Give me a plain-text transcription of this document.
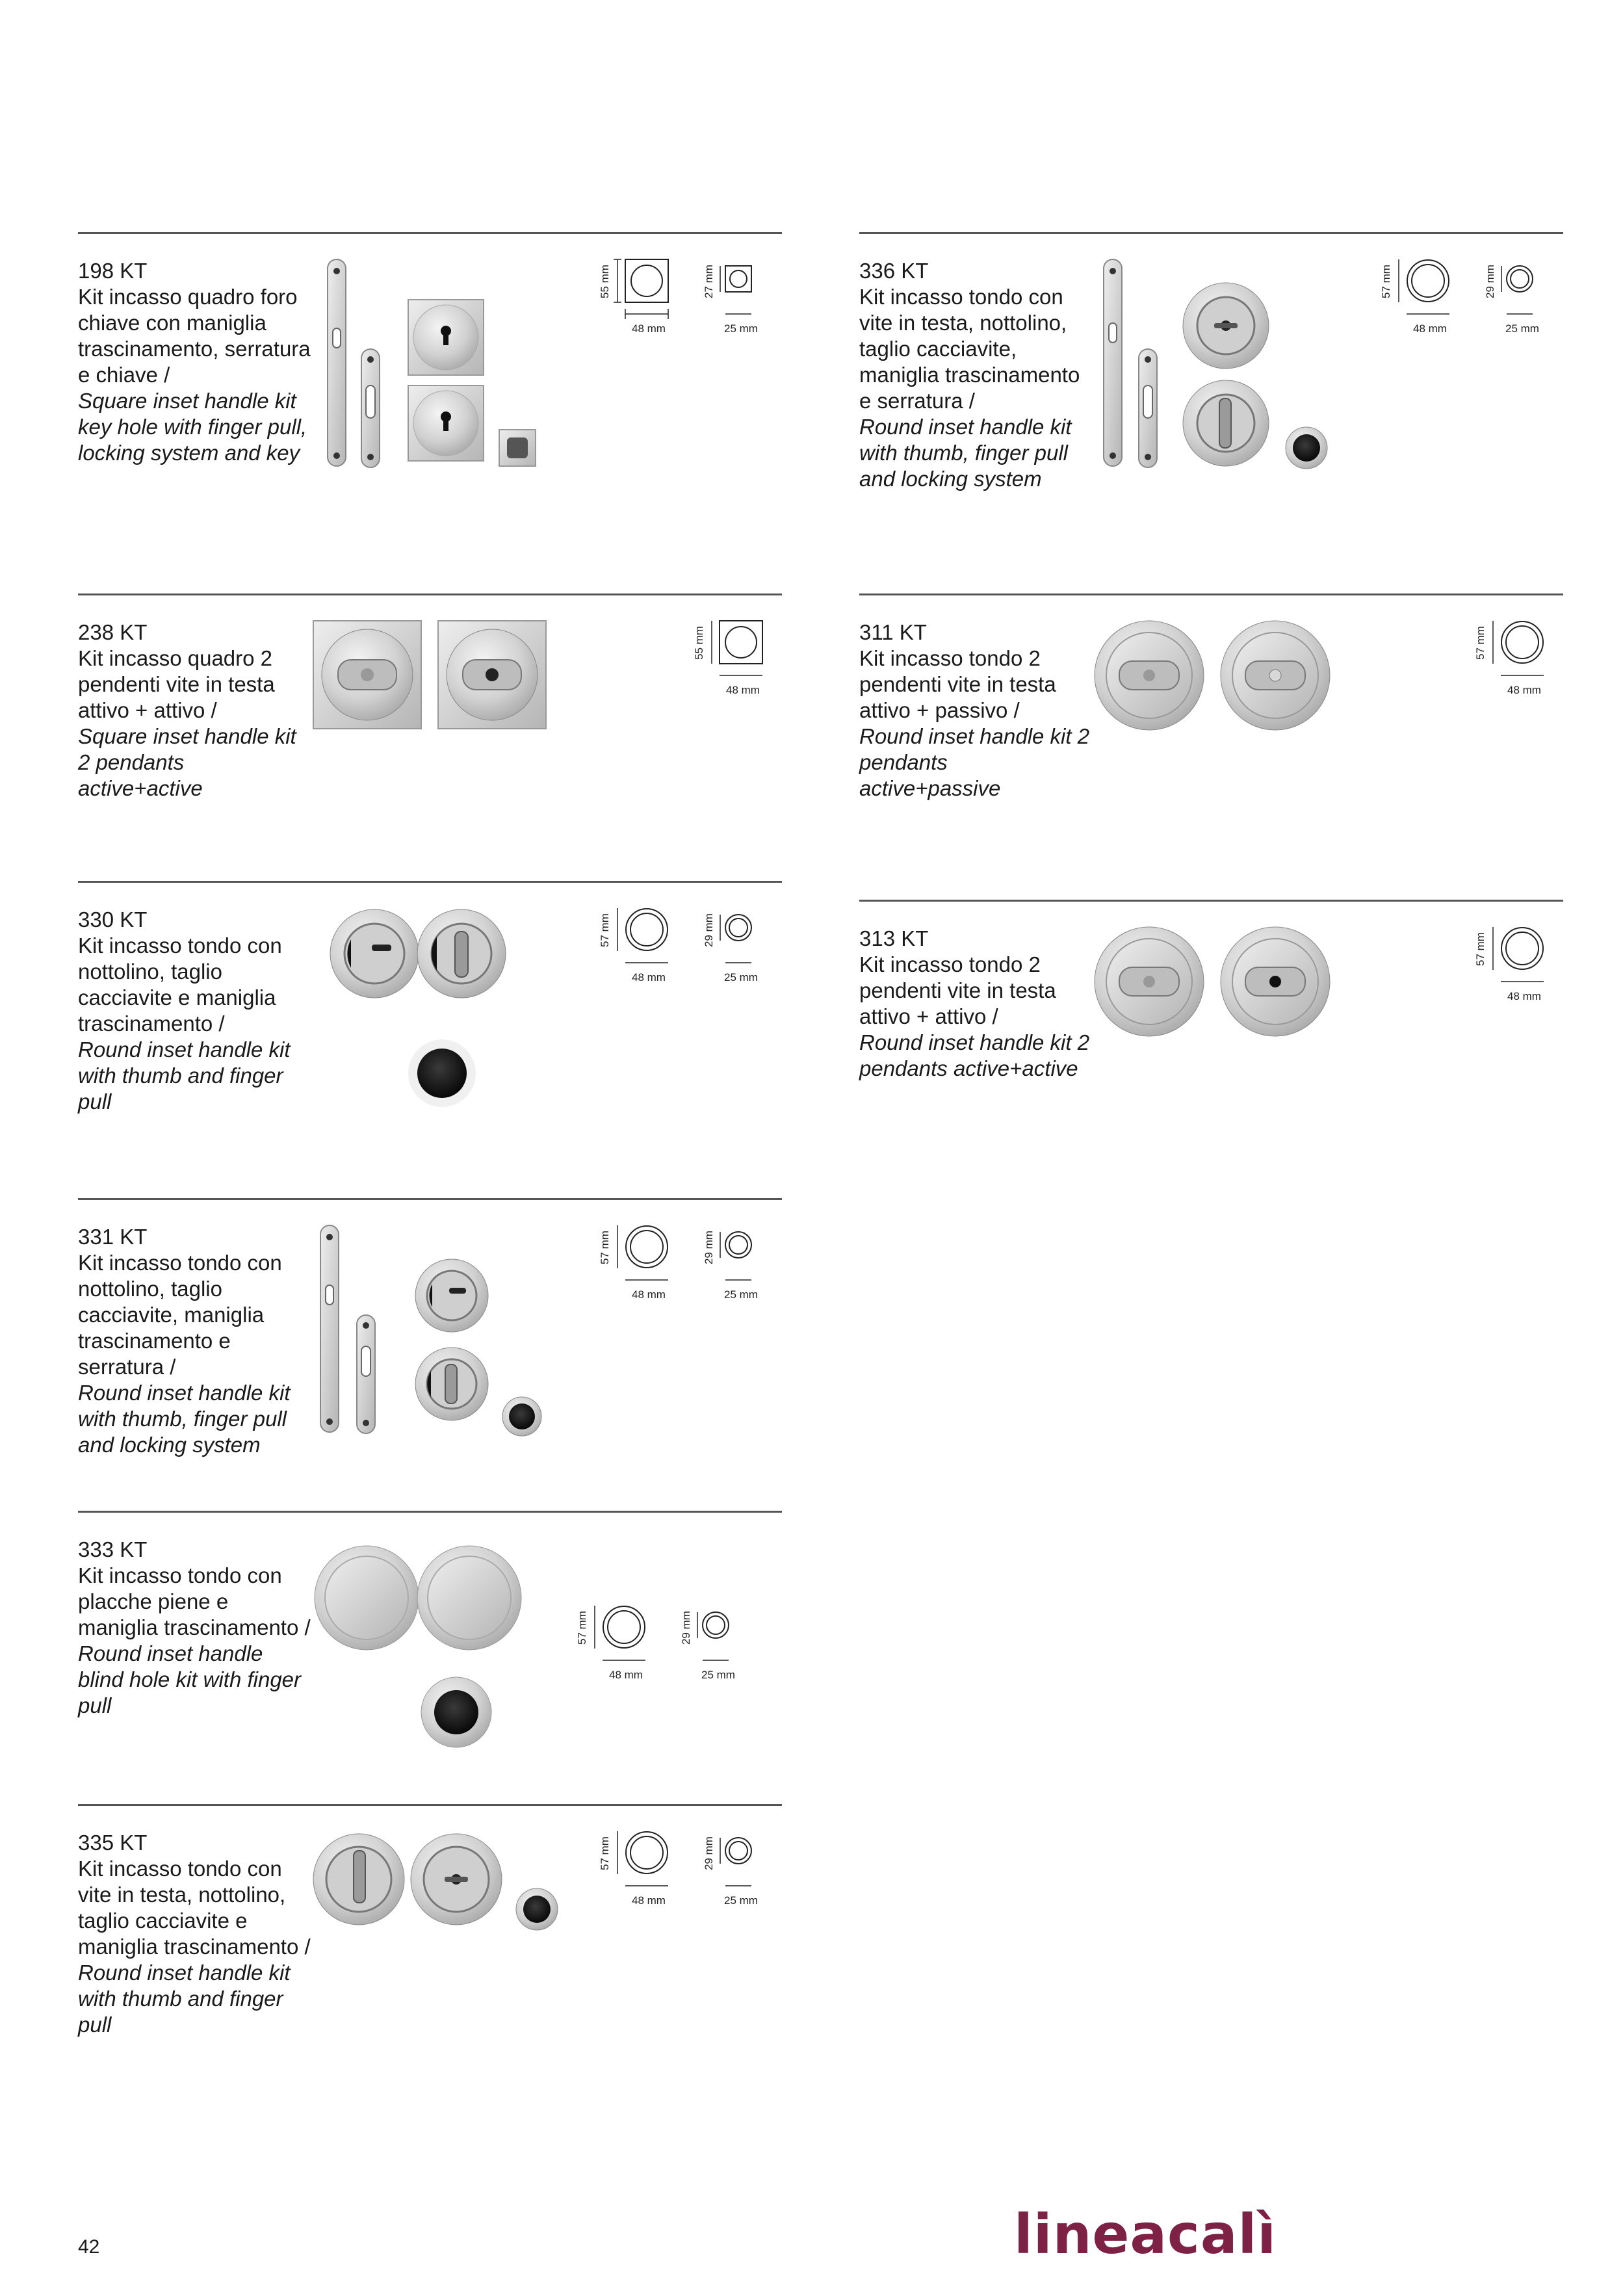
198 KT
Kit incasso quadro foro chiave con maniglia trascinamento, serratura e chiave /
Square inset handle kit key hole with finger pull, locking system and key
55 mm
48 mm
27 mm
25 mm
238 KT
Kit incasso quadro 2 pendenti vite in testa attivo + attivo /
Square inset handle kit 2 pendants active+active
55 mm
48 mm
330 KT
Kit incasso tondo con nottolino, taglio cacciavite e maniglia trascinamento /
Round inset handle kit with thumb and finger pull
57 mm
48 mm
29 mm
25 mm
331 KT
Kit incasso tondo con nottolino, taglio cacciavite, maniglia trascinamento e serratura /
Round inset handle kit with thumb, finger pull and locking system
57 mm
48 mm
29 mm
25 mm
333 KT
Kit incasso tondo con placche piene e maniglia trascinamento /
Round inset handle blind hole kit with finger pull
57 mm
48 mm
29 mm
25 mm
335 KT
Kit incasso tondo con vite in testa, nottolino, taglio cacciavite e maniglia trascinamento /
Round inset handle kit with thumb and finger pull
57 mm
48 mm
29 mm
25 mm
336 KT
Kit incasso tondo con vite in testa, nottolino, taglio cacciavite, maniglia trascinamento e serratura /
Round inset handle kit with thumb, finger pull and locking system
57 mm
48 mm
29 mm
25 mm
311 KT
Kit incasso tondo 2 pendenti vite in testa attivo + passivo /
Round inset handle kit 2 pendants active+passive
57 mm
48 mm
313 KT
Kit incasso tondo 2 pendenti vite in testa attivo + attivo /
Round inset handle kit 2 pendants active+active
57 mm
48 mm
42	lineacalì
